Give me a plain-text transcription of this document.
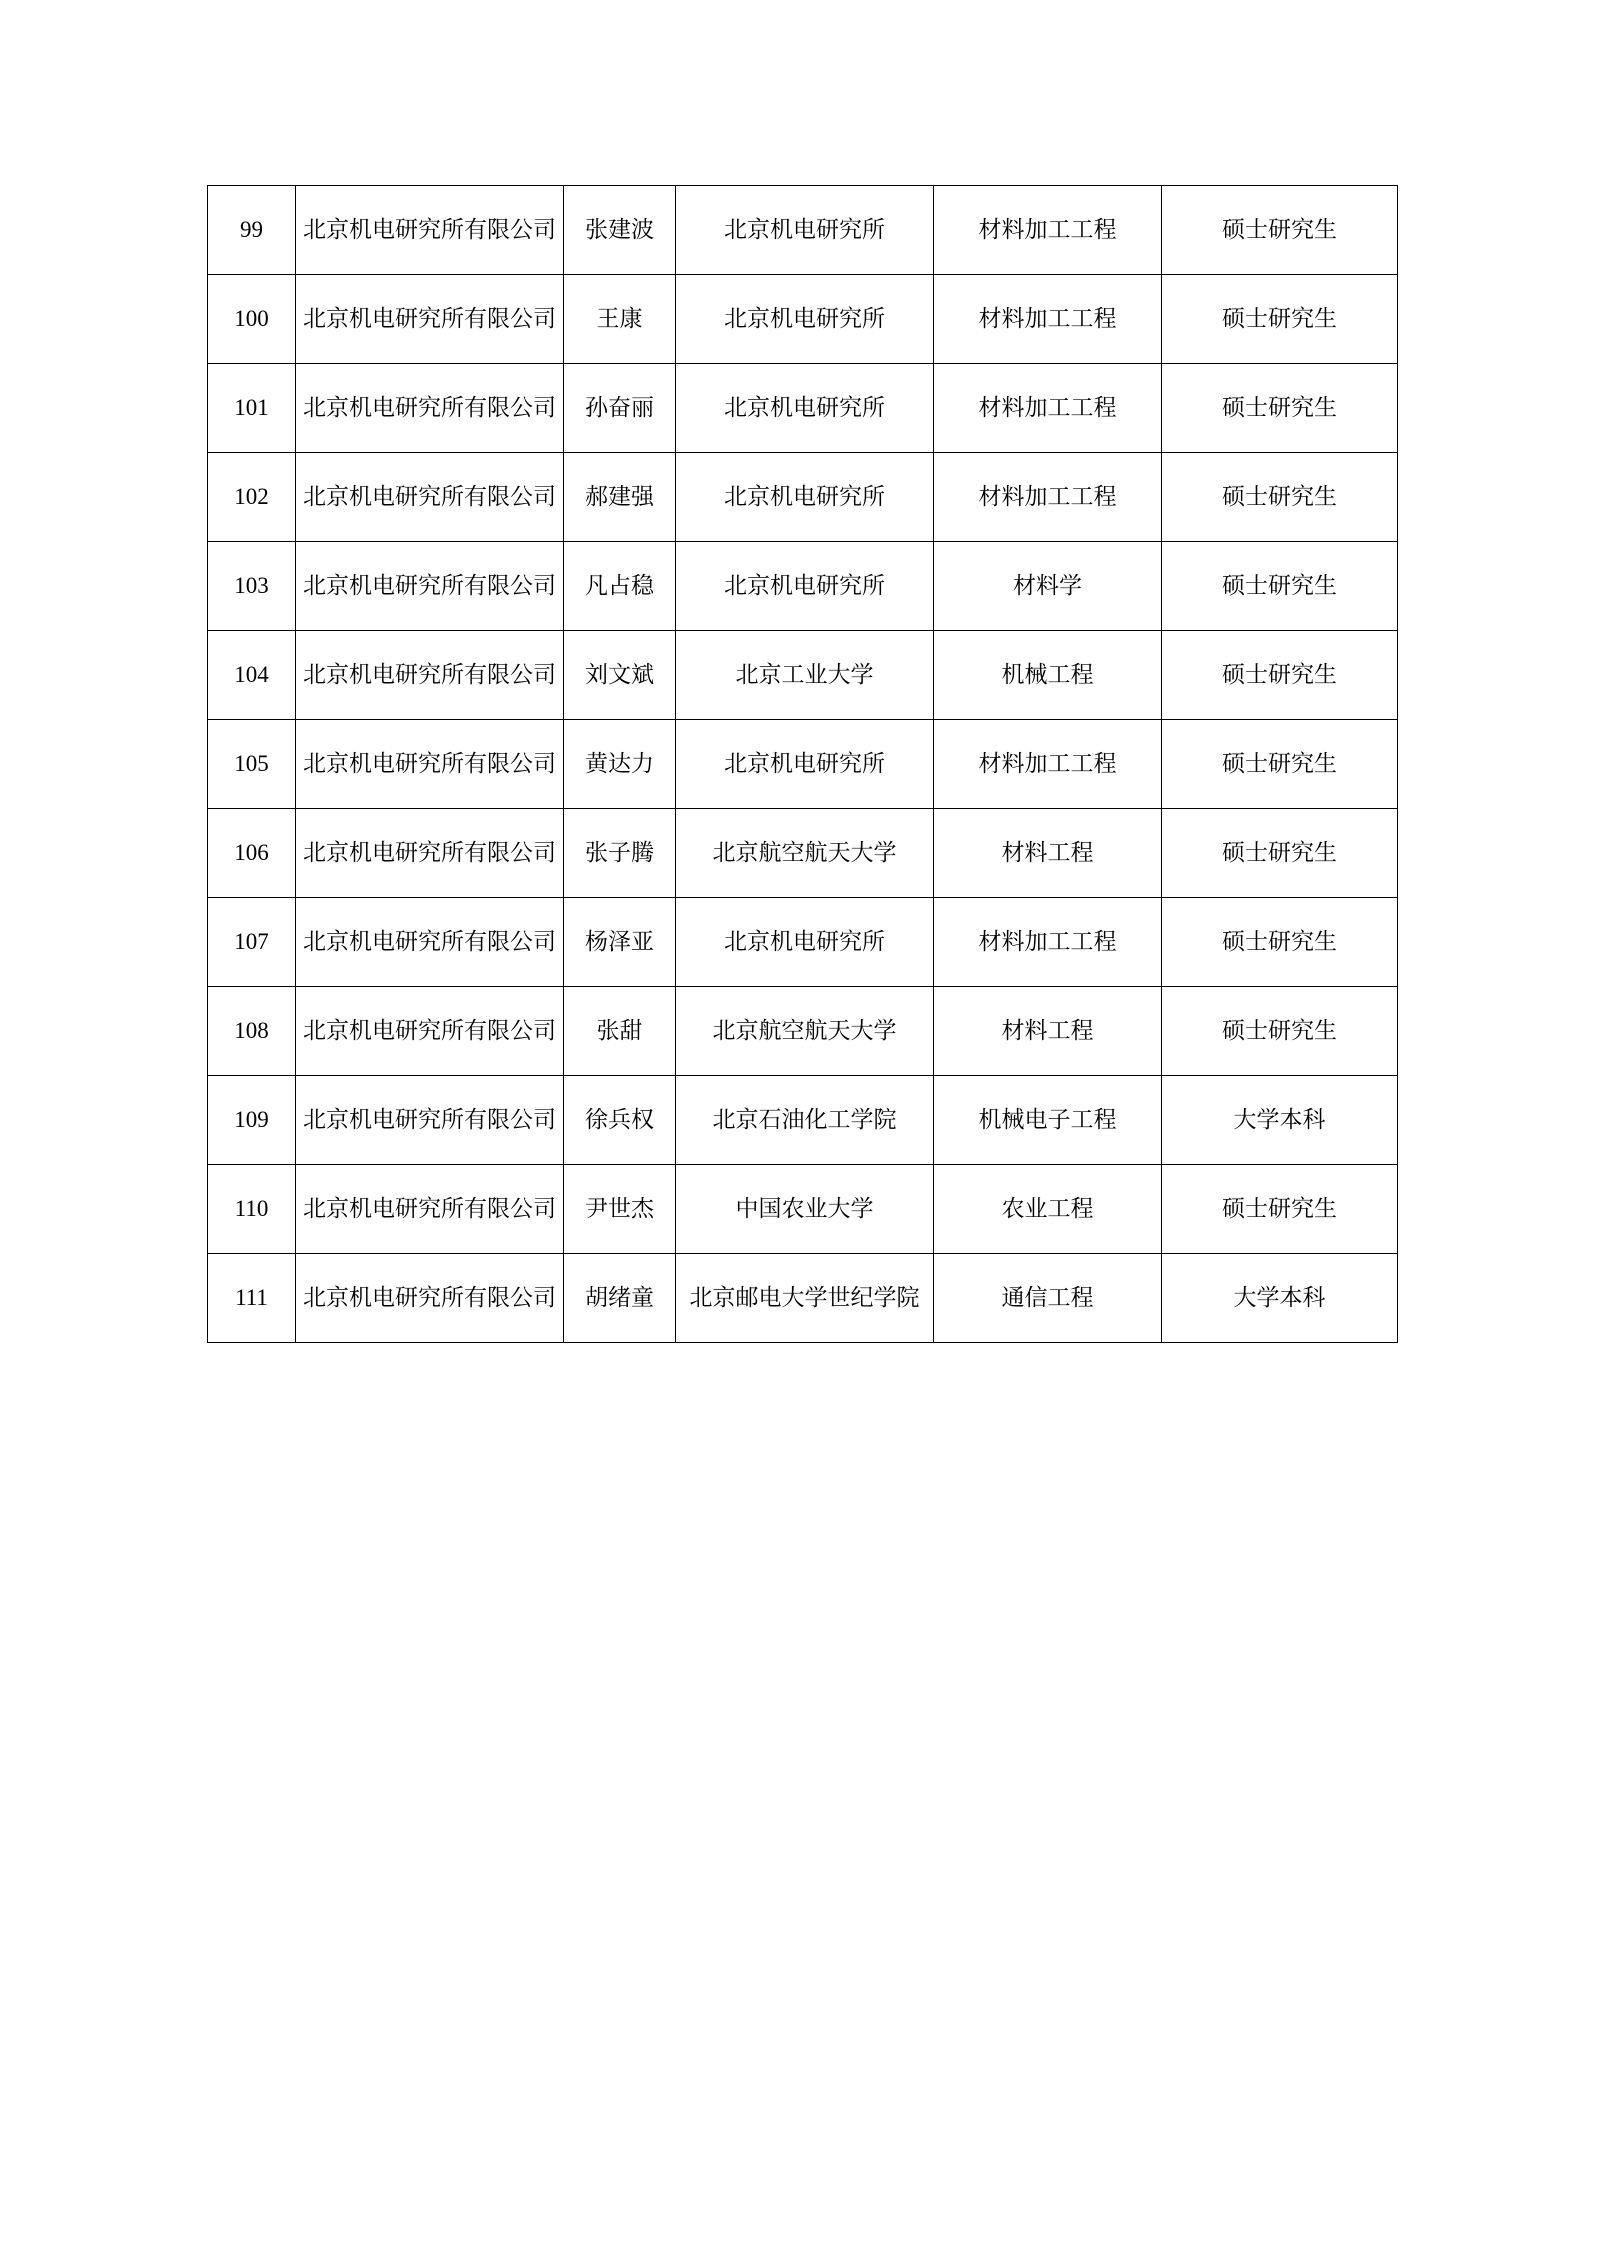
99	北京机电研究所有限公司	张建波	北京机电研究所	材料加工工程	硕士研究生
100	北京机电研究所有限公司	王康	北京机电研究所	材料加工工程	硕士研究生
101	北京机电研究所有限公司	孙奋丽	北京机电研究所	材料加工工程	硕士研究生
102	北京机电研究所有限公司	郝建强	北京机电研究所	材料加工工程	硕士研究生
103	北京机电研究所有限公司	凡占稳	北京机电研究所	材料学	硕士研究生
104	北京机电研究所有限公司	刘文斌	北京工业大学	机械工程	硕士研究生
105	北京机电研究所有限公司	黄达力	北京机电研究所	材料加工工程	硕士研究生
106	北京机电研究所有限公司	张子腾	北京航空航天大学	材料工程	硕士研究生
107	北京机电研究所有限公司	杨泽亚	北京机电研究所	材料加工工程	硕士研究生
108	北京机电研究所有限公司	张甜	北京航空航天大学	材料工程	硕士研究生
109	北京机电研究所有限公司	徐兵权	北京石油化工学院	机械电子工程	大学本科
110	北京机电研究所有限公司	尹世杰	中国农业大学	农业工程	硕士研究生
111	北京机电研究所有限公司	胡绪童	北京邮电大学世纪学院	通信工程	大学本科
